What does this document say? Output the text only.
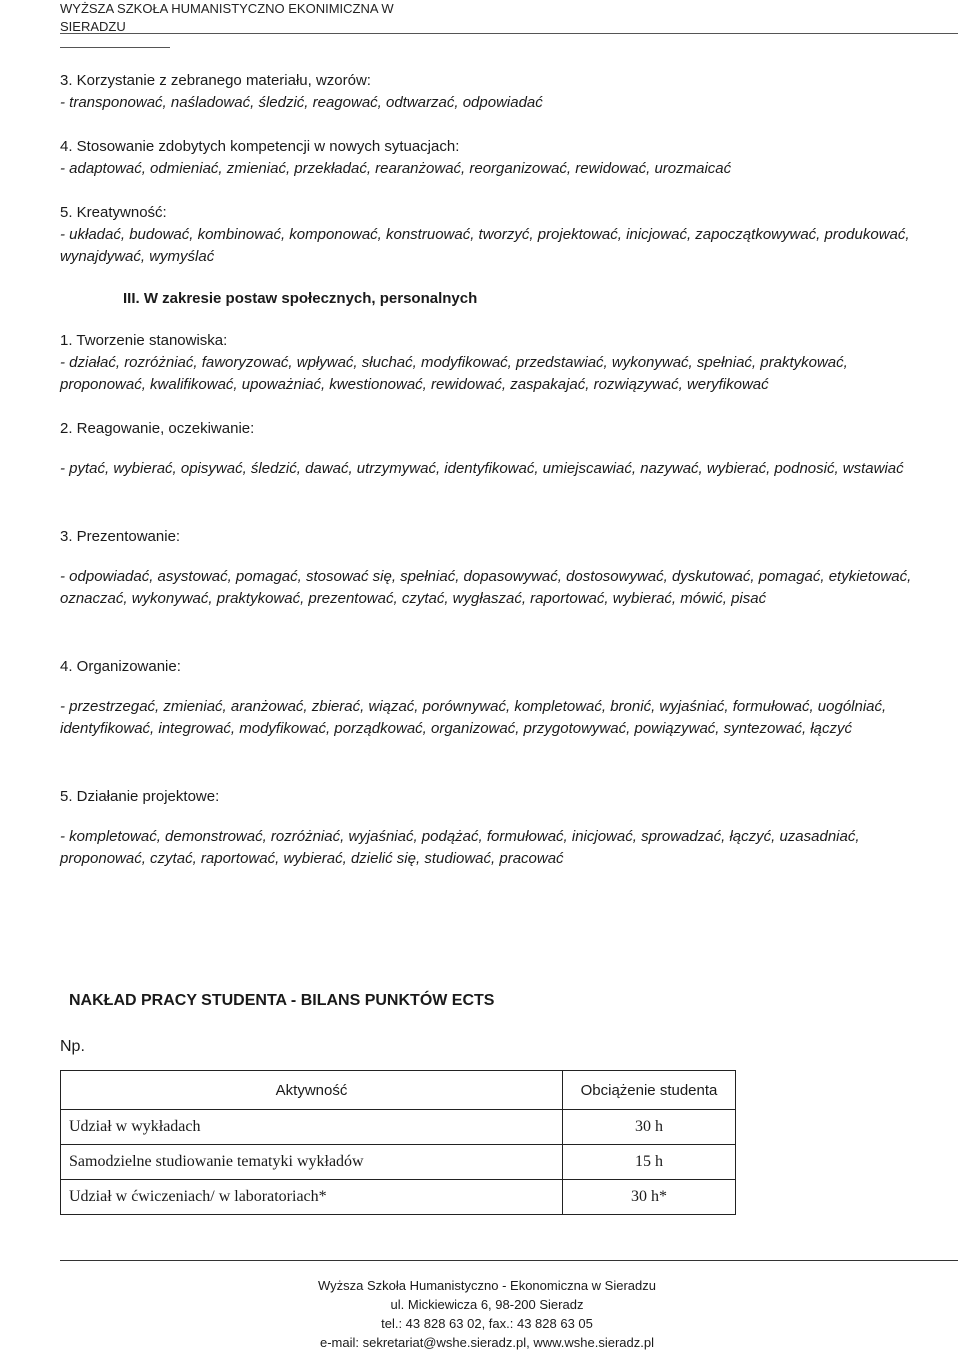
WYŻSZA SZKOŁA HUMANISTYCZNO EKONIMICZNA W
SIERADZU
3. Korzystanie z zebranego materiału, wzorów:
- transponować, naśladować, śledzić, reagować, odtwarzać, odpowiadać
4. Stosowanie zdobytych kompetencji w nowych sytuacjach:
- adaptować, odmieniać, zmieniać, przekładać, rearanżować, reorganizować, rewidować, urozmaicać
5. Kreatywność:
- układać, budować, kombinować, komponować, konstruować, tworzyć, projektować, inicjować, zapoczątkowywać, produkować, wynajdywać, wymyślać
III. W zakresie postaw społecznych, personalnych
1. Tworzenie stanowiska:
- działać, rozróżniać, faworyzować, wpływać, słuchać, modyfikować, przedstawiać, wykonywać, spełniać, praktykować, proponować, kwalifikować, upoważniać, kwestionować, rewidować, zaspakajać, rozwiązywać, weryfikować
2. Reagowanie, oczekiwanie:
- pytać, wybierać, opisywać, śledzić, dawać, utrzymywać, identyfikować, umiejscawiać, nazywać, wybierać, podnosić, wstawiać
3. Prezentowanie:
- odpowiadać, asystować, pomagać, stosować się, spełniać, dopasowywać, dostosowywać, dyskutować, pomagać, etykietować, oznaczać, wykonywać, praktykować, prezentować, czytać, wygłaszać, raportować, wybierać, mówić, pisać
4. Organizowanie:
- przestrzegać, zmieniać, aranżować, zbierać, wiązać, porównywać, kompletować, bronić, wyjaśniać, formułować, uogólniać, identyfikować, integrować, modyfikować, porządkować, organizować, przygotowywać, powiązywać, syntezować, łączyć
5. Działanie projektowe:
- kompletować, demonstrować, rozróżniać, wyjaśniać, podążać, formułować, inicjować, sprowadzać, łączyć, uzasadniać, proponować, czytać, raportować, wybierać, dzielić się, studiować, pracować
NAKŁAD PRACY STUDENTA - BILANS PUNKTÓW ECTS
Np.
Aktywność	Obciążenie studenta
Udział w wykładach	30 h
Samodzielne studiowanie tematyki wykładów	15 h
Udział w ćwiczeniach/ w laboratoriach*	30 h*
Wyższa Szkoła Humanistyczno - Ekonomiczna w Sieradzu
ul. Mickiewicza 6, 98-200 Sieradz
tel.: 43 828 63 02, fax.: 43 828 63 05
e-mail: sekretariat@wshe.sieradz.pl, www.wshe.sieradz.pl
